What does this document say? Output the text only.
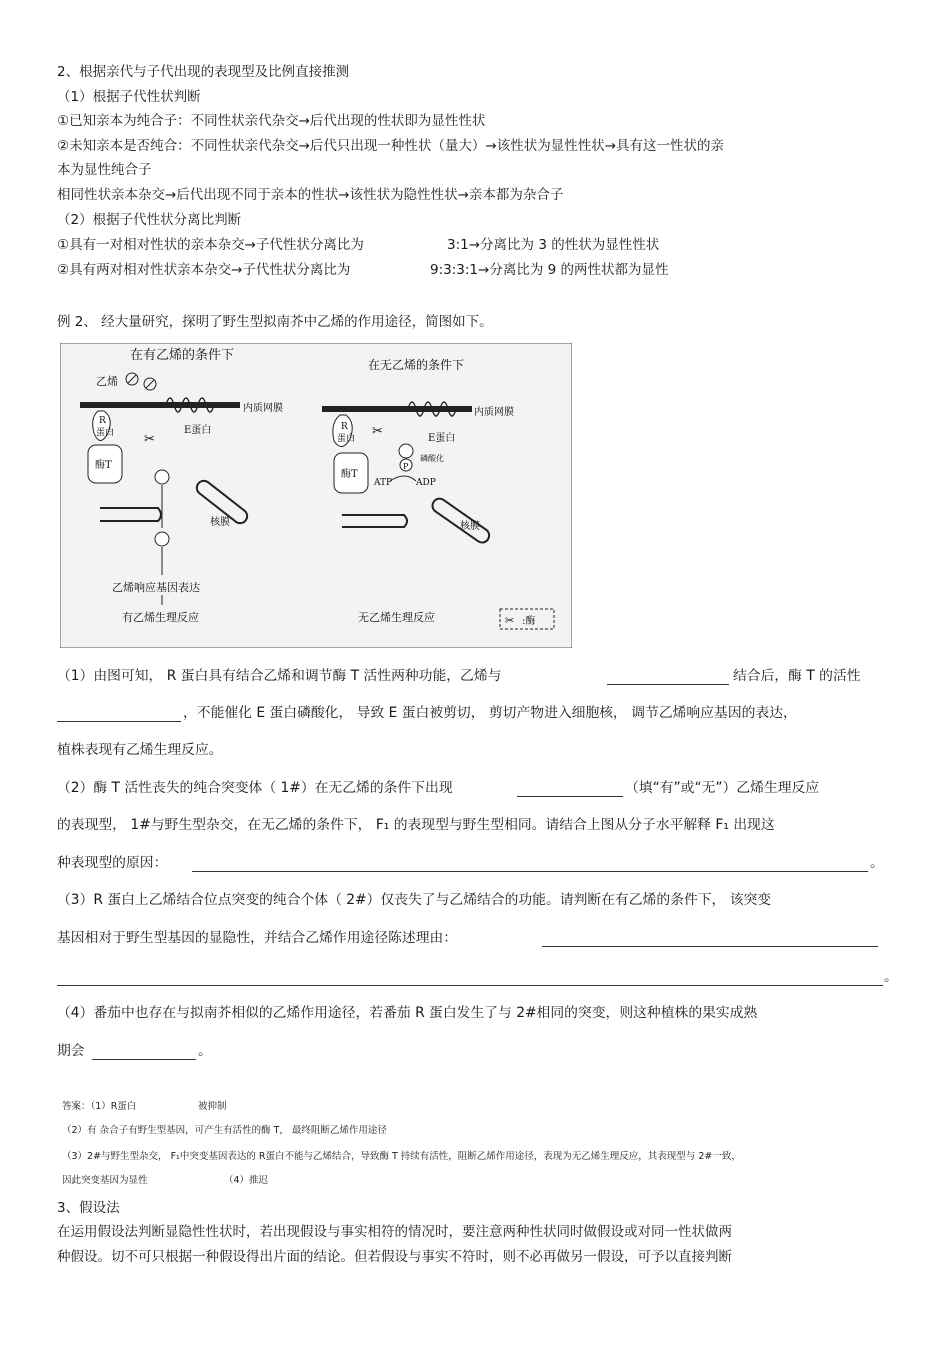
2、根据亲代与子代出现的表现型及比例直接推测
（1）根据子代性状判断
①已知亲本为纯合子：不同性状亲代杂交→后代出现的性状即为显性性状
②未知亲本是否纯合：不同性状亲代杂交→后代只出现一种性状（量大）→该性状为显性性状→具有这一性状的亲
本为显性纯合子
相同性状亲本杂交→后代出现不同于亲本的性状→该性状为隐性性状→亲本都为杂合子
（2）根据子代性状分离比判断
①具有一对相对性状的亲本杂交→子代性状分离比为	3:1→分离比为 3 的性状为显性性状
②具有两对相对性状亲本杂交→子代性状分离比为	9:3:3:1→分离比为 9 的两性状都为显性
例 2、 经大量研究，探明了野生型拟南芥中乙烯的作用途径，简图如下。
在有乙烯的条件下
在无乙烯的条件下
内质网膜
乙烯
R
蛋白
酶T
E蛋白
✂
核膜
乙烯响应基因表达
有乙烯生理反应
内质网膜
R
蛋白
酶T
E蛋白
✂
P
磷酸化
ATP	ADP
核膜
无乙烯生理反应	✂ :酶
（1）由图可知， R 蛋白具有结合乙烯和调节酶 T 活性两种功能，乙烯与	结合后，酶 T 的活性
，不能催化 E 蛋白磷酸化， 导致 E 蛋白被剪切， 剪切产物进入细胞核， 调节乙烯响应基因的表达，
植株表现有乙烯生理反应。
（2）酶 T 活性丧失的纯合突变体（ 1#）在无乙烯的条件下出现	（填“有”或“无”）乙烯生理反应
的表现型， 1#与野生型杂交，在无乙烯的条件下， F₁ 的表现型与野生型相同。请结合上图从分子水平解释 F₁ 出现这
种表现型的原因：	。
（3）R 蛋白上乙烯结合位点突变的纯合个体（ 2#）仅丧失了与乙烯结合的功能。请判断在有乙烯的条件下， 该突变
基因相对于野生型基因的显隐性，并结合乙烯作用途径陈述理由：
。
（4）番茄中也存在与拟南芥相似的乙烯作用途径，若番茄 R 蛋白发生了与 2#相同的突变，则这种植株的果实成熟
期会	。
答案：（1）R蛋白	被抑制
（2）有 杂合子有野生型基因，可产生有活性的酶 T， 最终阻断乙烯作用途径
（3）2#与野生型杂交， F₁中突变基因表达的 R蛋白不能与乙烯结合，导致酶 T 持续有活性，阻断乙烯作用途径，表现为无乙烯生理反应，其表现型与 2#一致，
因此突变基因为显性	（4）推迟
3、假设法
在运用假设法判断显隐性性状时，若出现假设与事实相符的情况时，要注意两种性状同时做假设或对同一性状做两
种假设。切不可只根据一种假设得出片面的结论。但若假设与事实不符时，则不必再做另一假设，可予以直接判断
